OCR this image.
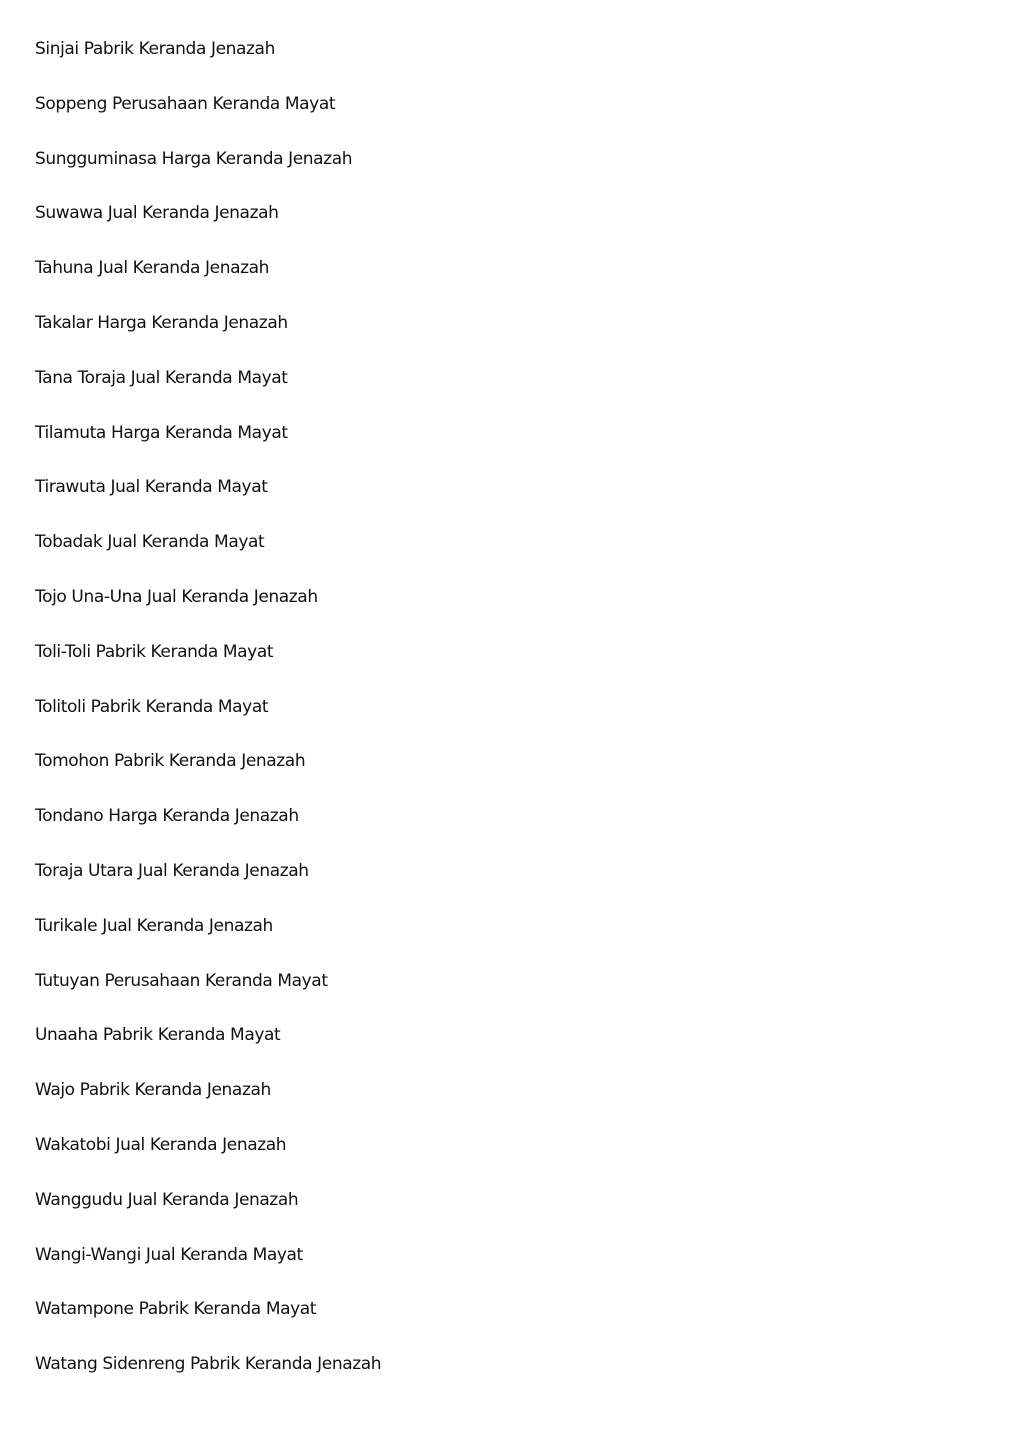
Sinjai Pabrik Keranda Jenazah
Soppeng Perusahaan Keranda Mayat
Sungguminasa Harga Keranda Jenazah
Suwawa Jual Keranda Jenazah
Tahuna Jual Keranda Jenazah
Takalar Harga Keranda Jenazah
Tana Toraja Jual Keranda Mayat
Tilamuta Harga Keranda Mayat
Tirawuta Jual Keranda Mayat
Tobadak Jual Keranda Mayat
Tojo Una-Una Jual Keranda Jenazah
Toli-Toli Pabrik Keranda Mayat
Tolitoli Pabrik Keranda Mayat
Tomohon Pabrik Keranda Jenazah
Tondano Harga Keranda Jenazah
Toraja Utara Jual Keranda Jenazah
Turikale Jual Keranda Jenazah
Tutuyan Perusahaan Keranda Mayat
Unaaha Pabrik Keranda Mayat
Wajo Pabrik Keranda Jenazah
Wakatobi Jual Keranda Jenazah
Wanggudu Jual Keranda Jenazah
Wangi-Wangi Jual Keranda Mayat
Watampone Pabrik Keranda Mayat
Watang Sidenreng Pabrik Keranda Jenazah
